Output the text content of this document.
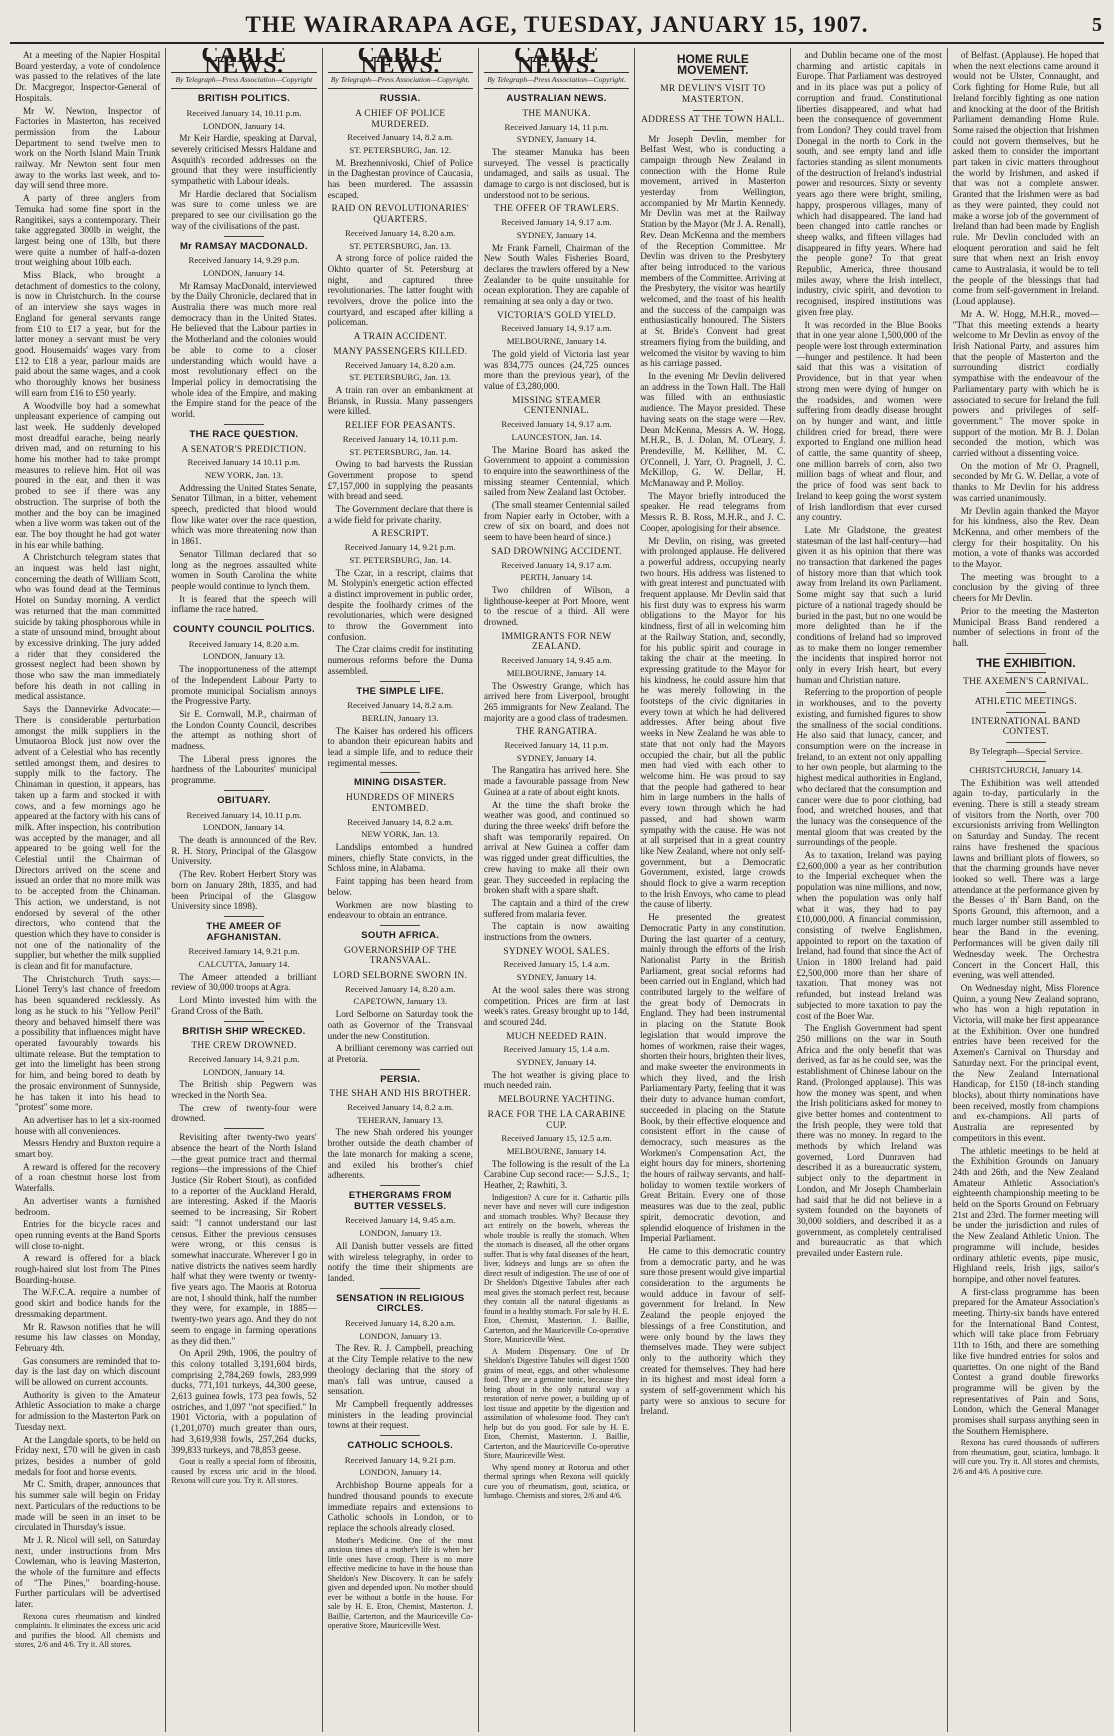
THE WAIRARAPA AGE, TUESDAY, JANUARY 15, 1907.	5

At a meeting of the Napier Hospital Board yesterday, a vote of condolence was passed to the relatives of the late Dr. Macgregor, Inspector-General of Hospitals.

Mr W. Newton, Inspector of Factories in Masterton, has received permission from the Labour Department to send twelve men to work on the North Island Main Trunk railway. Mr Newton sent four men away to the works last week, and to-day will send three more.

A party of three anglers from Temuka had some fine sport in the Rangitikei, says a contemporary. Their take aggregated 300lb in weight, the largest being one of 13lb, but there were quite a number of half-a-dozen trout weighing about 10lb each.

Miss Black, who brought a detachment of domestics to the colony, is now in Christchurch. In the course of an interview she says wages in England for general servants range from £10 to £17 a year, but for the latter money a servant must be very good. Housemaids' wages vary from £12 to £18 a year, parlour maids are paid about the same wages, and a cook who thoroughly knows her business will earn from £16 to £50 yearly.

A Woodville boy had a somewhat unpleasant experience of camping out last week. He suddenly developed most dreadful earache, being nearly driven mad, and on returning to his home his mother had to take prompt measures to relieve him. Hot oil was poured in the ear, and then it was probed to see if there was any obstruction. The surprise of both the mother and the boy can be imagined when a live worm was taken out of the ear. The boy thought he had got water in his ear while bathing.

A Christchurch telegram states that an inquest was held last night, concerning the death of William Scott, who was found dead at the Terminus Hotel on Sunday morning. A verdict was returned that the man committed suicide by taking phosphorous while in a state of unsound mind, brought about by excessive drinking. The jury added a rider that they considered the grossest neglect had been shown by those who saw the man immediately before his death in not calling in medical assistance.

Says the Dannevirke Advocate:— There is considerable perturbation amongst the milk suppliers in the Umutaoroa Block just now over the advent of a Celestial who has recently settled amongst them, and desires to supply milk to the factory. The Chinaman in question, it appears, has taken up a farm and stocked it with cows, and a few mornings ago he appeared at the factory with his cans of milk. After inspection, his contribution was accepted by the manager, and all appeared to be going well for the Celestial until the Chairman of Directors arrived on the scene and issued an order that no more milk was to be accepted from the Chinaman. This action, we understand, is not endorsed by several of the other directors, who contend that the question which they have to consider is not one of the nationality of the supplier, but whether the milk supplied is clean and fit for manufacture.

The Christchurch Truth says:— Lionel Terry's last chance of freedom has been squandered recklessly. As long as he stuck to his "Yellow Peril" theory and behaved himself there was a possibility that influences might have operated favourably towards his ultimate release. But the temptation to get into the limelight has been strong for him, and being bored to death by the prosaic environment of Sunnyside, he has taken it into his head to "protest" some more.

An advertiser has to let a six-roomed house with all conveniences.

Messrs Hendry and Buxton require a smart boy.

A reward is offered for the recovery of a roan chestnut horse lost from Waterfalls.

An advertiser wants a furnished bedroom.

Entries for the bicycle races and open running events at the Band Sports will close to-night.

A reward is offered for a black rough-haired slut lost from The Pines Boarding-house.

The W.F.C.A. require a number of good skirt and bodice hands for the dressmaking department.

Mr R. Rawson notifies that he will resume his law classes on Monday, February 4th.

Gas consumers are reminded that to-day is the last day on which discount will be allowed on current accounts.

Authority is given to the Amateur Athletic Association to make a charge for admission to the Masterton Park on Tuesday next.

At the Langdale sports, to be held on Friday next, £70 will be given in cash prizes, besides a number of gold medals for foot and horse events.

Mr C. Smith, draper, announces that his summer sale will begin on Friday next. Particulars of the reductions to be made will be seen in an inset to be circulated in Thursday's issue.

Mr J. R. Nicol will sell, on Saturday next, under instructions from Mrs Cowleman, who is leaving Masterton, the whole of the furniture and effects of "The Pines," boarding-house. Further particulars will be advertised later.

Rexona cures rheumatism and kindred complaints. It eliminates the excess uric acid and purifies the blood. All chemists and stores, 2/6 and 4/6. Try it. All stores.

CABLE NEWS.
By Telegraph—Press Association—Copyright
BRITISH POLITICS.
Received January 14, 10.11 p.m.
LONDON, January 14.

Mr Keir Hardie, speaking at Darval, severely criticised Messrs Haldane and Asquith's recorded addresses on the ground that they were insufficiently sympathetic with Labour ideals.

Mr Hardie declared that Socialism was sure to come unless we are prepared to see our civilisation go the way of the civilisations of the past.

Mr RAMSAY MACDONALD.
Received January 14, 9.29 p.m.
LONDON, January 14.

Mr Ramsay MacDonald, interviewed by the Daily Chronicle, declared that in Australia there was much more real democracy than in the United States. He believed that the Labour parties in the Motherland and the colonies would be able to come to a closer understanding which would have a most revolutionary effect on the Imperial policy in democratising the whole idea of the Empire, and making the Empire stand for the peace of the world.

THE RACE QUESTION.
A SENATOR'S PREDICTION.
Received January 14 10.11 p.m.
NEW YORK, Jan. 13.

Addressing the United States Senate, Senator Tillman, in a bitter, vehement speech, predicted that blood would flow like water over the race question, which was more threatening now than in 1861.

Senator Tillman declared that so long as the negroes assaulted white women in South Carolina the white people would continue to lynch them.

It is feared that the speech will inflame the race hatred.

COUNTY COUNCIL POLITICS.
Received January 14, 8.20 a.m.
LONDON, January 13.

The inopportuneness of the attempt of the Independent Labour Party to promote municipal Socialism annoys the Progressive Party.

Sir E. Cornwall, M.P., chairman of the London County Council, describes the attempt as nothing short of madness.

The Liberal press ignores the hardness of the Labourites' municipal programme.

OBITUARY.
Received January 14, 10.11 p.m.
LONDON, January 14.

The death is announced of the Rev. R. H. Story, Principal of the Glasgow University.

(The Rev. Robert Herbert Story was born on January 28th, 1835, and had been Principal of the Glasgow University since 1898).

THE AMEER OF AFGHANISTAN.
Received January 14, 9.21 p.m.
CALCUTTA, January 14.

The Ameer attended a brilliant review of 30,000 troops at Agra.

Lord Minto invested him with the Grand Cross of the Bath.

BRITISH SHIP WRECKED.
THE CREW DROWNED.
Received January 14, 9.21 p.m.
LONDON, January 14.

The British ship Pegwern was wrecked in the North Sea.

The crew of twenty-four were drowned.

Revisiting after twenty-two years' absence the heart of the North Island —the great pumice tract and thermal regions—the impressions of the Chief Justice (Sir Robert Stout), as confided to a reporter of the Auckland Herald, are interesting. Asked if the Maoris seemed to be increasing, Sir Robert said: "I cannot understand our last census. Either the previous censuses were wrong, or this census is somewhat inaccurate. Wherever I go in native districts the natives seem hardly half what they were twenty or twenty-five years ago. The Maoris at Rotorua are not, I should think, half the number they were, for example, in 1885—twenty-two years ago. And they do not seem to engage in farming operations as they did then."

On April 29th, 1906, the poultry of this colony totalled 3,191,604 birds, comprising 2,784,269 fowls, 283,999 ducks, 771,101 turkeys, 44,300 geese, 2,613 guinea fowls, 173 pea fowls, 52 ostriches, and 1,097 "not specified." In 1901 Victoria, with a population of (1,201,070) much greater than ours, had 3,619,938 fowls, 257,264 ducks, 399,833 turkeys, and 78,853 geese.

Gout is really a special form of fibrositis, caused by excess uric acid in the blood. Rexona will cure you. Try it. All stores.

CABLE NEWS.
By Telegraph—Press Association—Copyright.
RUSSIA.
A CHIEF OF POLICE MURDERED.
Received January 14, 8.2 a.m.
ST. PETERSBURG, Jan. 12.

M. Brezhennivoski, Chief of Police in the Daghestan province of Caucasia, has been murdered. The assassin escaped.

RAID ON REVOLUTIONARIES' QUARTERS.
Received January 14, 8.20 a.m.
ST. PETERSBURG, Jan. 13.

A strong force of police raided the Okhto quarter of St. Petersburg at night, and captured three revolutionaries. The latter fought with revolvers, drove the police into the courtyard, and escaped after killing a policeman.

A TRAIN ACCIDENT.
MANY PASSENGERS KILLED.
Received January 14, 8.20 a.m.
ST. PETERSBURG, Jan. 13.

A train ran over an embankment at Briansk, in Russia. Many passengers were killed.

RELIEF FOR PEASANTS.
Received January 14, 10.11 p.m.
ST. PETERSBURG, Jan. 14.

Owing to bad harvests the Russian Government propose to spend £7,157,000 in supplying the peasants with bread and seed.

The Government declare that there is a wide field for private charity.

A RESCRIPT.
Received January 14, 9.21 p.m.
ST. PETERSBURG, Jan. 14.

The Czar, in a rescript, claims that M. Stolypin's energetic action effected a distinct improvement in public order, despite the foolhardy crimes of the revolutionaries, which were designed to throw the Government into confusion.

The Czar claims credit for instituting numerous reforms before the Duma assembled.

THE SIMPLE LIFE.
Received January 14, 8.2 a.m.
BERLIN, January 13.

The Kaiser has ordered his officers to abandon their epicurean habits and lead a simple life, and to reduce their regimental messes.

MINING DISASTER.
HUNDREDS OF MINERS ENTOMBED.
Received January 14, 8.2 a.m.
NEW YORK, Jan. 13.

Landslips entombed a hundred miners, chiefly State convicts, in the Schloss mine, in Alabama.

Faint tapping has been heard from below.

Workmen are now blasting to endeavour to obtain an entrance.

SOUTH AFRICA.
GOVERNORSHIP OF THE TRANSVAAL.
LORD SELBORNE SWORN IN.
Received January 14, 8.20 a.m.
CAPETOWN, January 13.

Lord Selborne on Saturday took the oath as Governor of the Transvaal under the new Constitution.

A brilliant ceremony was carried out at Pretoria.

PERSIA.
THE SHAH AND HIS BROTHER.
Received January 14, 8.2 a.m.
TEHERAN, January 13.

The new Shah ordered his younger brother outside the death chamber of the late monarch for making a scene, and exiled his brother's chief adherents.

ETHERGRAMS FROM BUTTER VESSELS.
Received January 14, 9.45 a.m.
LONDON, January 13.

All Danish butter vessels are fitted with wireless telegraphy, in order to notify the time their shipments are landed.

SENSATION IN RELIGIOUS CIRCLES.
Received January 14, 8.20 a.m.
LONDON, January 13.

The Rev. R. J. Campbell, preaching at the City Temple relative to the new theology declaring that the story of man's fall was untrue, caused a sensation.

Mr Campbell frequently addresses ministers in the leading provincial towns at their request.

CATHOLIC SCHOOLS.
Received January 14, 9.21 p.m.
LONDON, January 14.

Archbishop Bourne appeals for a hundred thousand pounds to execute immediate repairs and extensions to Catholic schools in London, or to replace the schools already closed.

Mother's Medicine. One of the most anxious times of a mother's life is when her little ones have croup. There is no more effective medicine to have in the house than Sheldon's New Discovery. It can be safely given and depended upon. No mother should ever be without a bottle in the house. For sale by H. E. Eton, Chemist, Masterton. J. Baillie, Carterton, and the Mauriceville Co-operative Store, Mauriceville West.

CABLE NEWS.
By Telegraph—Press Association—Copyright.
AUSTRALIAN NEWS.
THE MANUKA.
Received January 14, 11 p.m.
SYDNEY, January 14.

The steamer Manuka has been surveyed. The vessel is practically undamaged, and sails as usual. The damage to cargo is not disclosed, but is understood not to be serious.

THE OFFER OF TRAWLERS.
Received January 14, 9.17 a.m.
SYDNEY, January 14.

Mr Frank Farnell, Chairman of the New South Wales Fisheries Board, declares the trawlers offered by a New Zealander to be quite unsuitable for ocean exploration. They are capable of remaining at sea only a day or two.

VICTORIA'S GOLD YIELD.
Received January 14, 9.17 a.m.
MELBOURNE, January 14.

The gold yield of Victoria last year was 834,775 ounces (24,725 ounces more than the previous year), of the value of £3,280,000.

MISSING STEAMER CENTENNIAL.
Received January 14, 9.17 a.m.
LAUNCESTON, Jan. 14.

The Marine Board has asked the Government to appoint a commission to enquire into the seaworthiness of the missing steamer Centennial, which sailed from New Zealand last October.

(The small steamer Centennial sailed from Napier early in October, with a crew of six on board, and does not seem to have been heard of since.)

SAD DROWNING ACCIDENT.
Received January 14, 9.17 a.m.
PERTH, January 14.

Two children of Wilson, a lighthouse-keeper at Port Moore, went to the rescue of a third. All were drowned.

IMMIGRANTS FOR NEW ZEALAND.
Received January 14, 9.45 a.m.
MELBOURNE, January 14.

The Oswestry Grange, which has arrived here from Liverpool, brought 265 immigrants for New Zealand. The majority are a good class of tradesmen.

THE RANGATIRA.
Received January 14, 11 p.m.
SYDNEY, January 14.

The Rangatira has arrived here. She made a favourable passage from New Guinea at a rate of about eight knots.

At the time the shaft broke the weather was good, and continued so during the three weeks' drift before the shaft was temporarily repaired. On arrival at New Guinea a coffer dam was rigged under great difficulties, the crew having to make all their own gear. They succeeded in replacing the broken shaft with a spare shaft.

The captain and a third of the crew suffered from malaria fever.

The captain is now awaiting instructions from the owners.

SYDNEY WOOL SALES.
Received January 15, 1.4 a.m.
SYDNEY, January 14.

At the wool sales there was strong competition. Prices are firm at last week's rates. Greasy brought up to 14d, and scoured 24d.

MUCH NEEDED RAIN.
Received January 15, 1.4 a.m.
SYDNEY, January 14.

The hot weather is giving place to much needed rain.

MELBOURNE YACHTING.
RACE FOR THE LA CARABINE CUP.
Received January 15, 12.5 a.m.
MELBOURNE, January 14.

The following is the result of the La Carabine Cup second race:— S.J.S., 1; Heather, 2; Rawhiti, 3.

Indigestion? A cure for it. Cathartic pills never have and never will cure indigestion and stomach troubles. Why? Because they act entirely on the bowels, whereas the whole trouble is really the stomach. When the stomach is diseased, all the other organs suffer. That is why fatal diseases of the heart, liver, kidneys and lungs are so often the direct result of indigestion. The use of one of Dr Sheldon's Digestive Tabules after each meal gives the stomach perfect rest, because they contain all the natural digestants as found in a healthy stomach. For sale by H. E. Eton, Chemist, Masterton. J. Baillie, Carterton, and the Mauriceville Co-operative Store, Mauriceville West.

A Modern Dispensary. One of Dr Sheldon's Digestive Tabules will digest 1500 grains of meat, eggs, and other wholesome food. They are a genuine tonic, because they bring about in the only natural way a restoration of nerve power, a building up of lost tissue and appetite by the digestion and assimilation of wholesome food. They can't help but do you good. For sale by H. E. Eton, Chemist, Masterton. J. Baillie, Carterton, and the Mauriceville Co-operative Store, Mauriceville West.

Why spend money at Rotorua and other thermal springs when Rexona will quickly cure you of rheumatism, gout, sciatica, or lumbago. Chemists and stores, 2/6 and 4/6.

HOME RULE MOVEMENT.
MR DEVLIN'S VISIT TO MASTERTON.
ADDRESS AT THE TOWN HALL.

Mr Joseph Devlin, member for Belfast West, who is conducting a campaign through New Zealand in connection with the Home Rule movement, arrived in Masterton yesterday from Wellington, accompanied by Mr Martin Kennedy. Mr Devlin was met at the Railway Station by the Mayor (Mr J. A. Renall), Rev. Dean McKenna and the members of the Reception Committee. Mr Devlin was driven to the Presbytery after being introduced to the various members of the Committee. Arriving at the Presbytery, the visitor was heartily welcomed, and the toast of his health and the success of the campaign was enthusiastically honoured. The Sisters at St. Bride's Convent had great streamers flying from the building, and welcomed the visitor by waving to him as his carriage passed.

In the evening Mr Devlin delivered an address in the Town Hall. The Hall was filled with an enthusiastic audience. The Mayor presided. These having seats on the stage were —Rev. Dean McKenna, Messrs A. W. Hogg, M.H.R., B. J. Dolan, M. O'Leary, J. Prendeville, M. Kelliher, M. C. O'Connell, J. Yarr, O. Pragnell, J. C. McKillop, G. W. Dellar, H. McManaway and P. Molloy.

The Mayor briefly introduced the speaker. He read telegrams from Messrs R. B. Ross, M.H.R., and J. C. Cooper, apologising for their absence.

Mr Devlin, on rising, was greeted with prolonged applause. He delivered a powerful address, occupying nearly two hours. His address was listened to with great interest and punctuated with frequent applause. Mr Devlin said that his first duty was to express his warm obligations to the Mayor for his kindness, first of all in welcoming him at the Railway Station, and, secondly, for his public spirit and courage in taking the chair at the meeting. In expressing gratitude to the Mayor for his kindness, he could assure him that he was merely following in the footsteps of the civic dignitaries in every town at which he had delivered addresses. After being about five weeks in New Zealand he was able to state that not only had the Mayors occupied the chair, but all the public men had vied with each other to welcome him. He was proud to say that the people had gathered to hear him in large numbers in the halls of every town through which he had passed, and had shown warm sympathy with the cause. He was not at all surprised that in a great country like New Zealand, where not only self-government, but a Democratic Government, existed, large crowds should flock to give a warm reception to the Irish Envoys, who came to plead the cause of liberty.

He presented the greatest Democratic Party in any constitution. During the last quarter of a century, mainly through the efforts of the Irish Nationalist Party in the British Parliament, great social reforms had been carried out in England, which had contributed largely to the welfare of the great body of Democrats in England. They had been instrumental in placing on the Statute Book legislation that would improve the homes of workmen, raise their wages, shorten their hours, brighten their lives, and make sweeter the environments in which they lived, and the Irish Parliamentary Party, feeling that it was their duty to advance human comfort, succeeded in placing on the Statute Book, by their effective eloquence and consistent effort in the cause of democracy, such measures as the Workmen's Compensation Act, the eight hours day for miners, shortening the hours of railway servants, and half-holiday to women textile workers of Great Britain. Every one of those measures was due to the zeal, public spirit, democratic devotion, and splendid eloquence of Irishmen in the Imperial Parliament.

He came to this democratic country from a democratic party, and he was sure those present would give impartial consideration to the arguments he would adduce in favour of self-government for Ireland. In New Zealand the people enjoyed the blessings of a free Constitution, and were only bound by the laws they themselves made. They were subject only to the authority which they created for themselves. They had here in its highest and most ideal form a system of self-government which his party were so anxious to secure for Ireland.

and Dublin became one of the most charming and artistic capitals in Europe. That Parliament was destroyed and in its place was put a policy of corruption and fraud. Constitutional liberties disappeared, and what had been the consequence of government from London? They could travel from Donegal in the north to Cork in the south, and see empty land and idle factories standing as silent monuments of the destruction of Ireland's industrial power and resources. Sixty or seventy years ago there were bright, smiling, happy, prosperous villages, many of which had disappeared. The land had been changed into cattle ranches or sheep walks, and fifteen villages had disappeared in fifty years. Where had the people gone? To that great Republic, America, three thousand miles away, where the Irish intellect, industry, civic spirit, and devotion to recognised, inspired institutions was given free play.

It was recorded in the Blue Books that in one year alone 1,500,000 of the people were lost through extermination—hunger and pestilence. It had been said that this was a visitation of Providence, but in that year when strong men were dying of hunger on the roadsides, and women were suffering from deadly disease brought on by hunger and want, and little children cried for bread, there were exported to England one million head of cattle, the same quantity of sheep, one million barrels of corn, also two million bags of wheat and flour, and the price of food was sent back to Ireland to keep going the worst system of Irish landlordism that ever cursed any country.

Late Mr Gladstone, the greatest statesman of the last half-century—had given it as his opinion that there was no transaction that darkened the pages of history more than that which took away from Ireland its own Parliament. Some might say that such a lurid picture of a national tragedy should be buried in the past, but no one would be more delighted than he if the conditions of Ireland had so improved as to make them no longer remember the incidents that inspired horror not only in every Irish heart, but every human and Christian nature.

Referring to the proportion of people in workhouses, and to the poverty existing, and furnished figures to show the smallness of the social conditions. He also said that lunacy, cancer, and consumption were on the increase in Ireland, to an extent not only appalling to her own people, but alarming to the highest medical authorities in England, who declared that the consumption and cancer were due to poor clothing, bad food, and wretched houses, and that the lunacy was the consequence of the mental gloom that was created by the surroundings of the people.

As to taxation, Ireland was paying £2,600,000 a year as her contribution to the Imperial exchequer when the population was nine millions, and now, when the population was only half what it was, they had to pay £10,000,000. A financial commission, consisting of twelve Englishmen, appointed to report on the taxation of Ireland, had found that since the Act of Union in 1800 Ireland had paid £2,500,000 more than her share of taxation. That money was not refunded, but instead Ireland was subjected to more taxation to pay the cost of the Boer War.

The English Government had spent 250 millions on the war in South Africa and the only benefit that was derived, as far as he could see, was the establishment of Chinese labour on the Rand. (Prolonged applause). This was how the money was spent, and when the Irish politicians asked for money to give better homes and contentment to the Irish people, they were told that there was no money. In regard to the methods by which Ireland was governed, Lord Dunraven had described it as a bureaucratic system, subject only to the department in London, and Mr Joseph Chamberlain had said that he did not believe in a system founded on the bayonets of 30,000 soldiers, and described it as a government, as completely centralised and bureaucratic as that which prevailed under Eastern rule.

of Belfast. (Applause). He hoped that when the next elections came around it would not be Ulster, Connaught, and Cork fighting for Home Rule, but all Ireland forcibly fighting as one nation and knocking at the door of the British Parliament demanding Home Rule. Some raised the objection that Irishmen could not govern themselves, but he asked them to consider the important part taken in civic matters throughout the world by Irishmen, and asked if that was not a complete answer. Granted that the Irishmen were as bad as they were painted, they could not make a worse job of the government of Ireland than had been made by English rule. Mr Devlin concluded with an eloquent peroration and said he felt sure that when next an Irish envoy came to Australasia, it would be to tell the people of the blessings that had come from self-government in Ireland. (Loud applause).

Mr A. W. Hogg, M.H.R., moved— "That this meeting extends a hearty welcome to Mr Devlin as envoy of the Irish National Party, and assures him that the people of Masterton and the surrounding district cordially sympathise with the endeavour of the Parliamentary party with which he is associated to secure for Ireland the full powers and privileges of self-government." The mover spoke in support of the motion. Mr B. J. Dolan seconded the motion, which was carried without a dissenting voice.

On the motion of Mr O. Pragnell, seconded by Mr G. W. Dellar, a vote of thanks to Mr Devlin for his address was carried unanimously.

Mr Devlin again thanked the Mayor for his kindness, also the Rev. Dean McKenna, and other members of the clergy for their hospitality. On his motion, a vote of thanks was accorded to the Mayor.

The meeting was brought to a conclusion by the giving of three cheers for Mr Devlin.

Prior to the meeting the Masterton Municipal Brass Band rendered a number of selections in front of the hall.

THE EXHIBITION.
THE AXEMEN'S CARNIVAL.
ATHLETIC MEETINGS.
INTERNATIONAL BAND CONTEST.
By Telegraph—Special Service.
CHRISTCHURCH, January 14.

The Exhibition was well attended again to-day, particularly in the evening. There is still a steady stream of visitors from the North, over 700 excursionists arriving from Wellington on Saturday and Sunday. The recent rains have freshened the spacious lawns and brilliant plots of flowers, so that the charming grounds have never looked so well. There was a large attendance at the performance given by the Besses o' th' Barn Band, on the Sports Ground, this afternoon, and a much larger number still assembled to hear the Band in the evening. Performances will be given daily till Wednesday week. The Orchestra Concert in the Concert Hall, this evening, was well attended.

On Wednesday night, Miss Florence Quinn, a young New Zealand soprano, who has won a high reputation in Victoria, will make her first appearance at the Exhibition. Over one hundred entries have been received for the Axemen's Carnival on Thursday and Saturday next. For the principal event, the New Zealand International Handicap, for £150 (18-inch standing blocks), about thirty nominations have been received, mostly from champions and ex-champions. All parts of Australia are represented by competitors in this event.

The athletic meetings to be held at the Exhibition Grounds on January 24th and 26th, and the New Zealand Amateur Athletic Association's eighteenth championship meeting to be held on the Sports Ground on February 21st and 23rd. The former meeting will be under the jurisdiction and rules of the New Zealand Athletic Union. The programme will include, besides ordinary athletic events, pipe music, Highland reels, Irish jigs, sailor's hornpipe, and other novel features.

A first-class programme has been prepared for the Amateur Association's meeting. Thirty-six bands have entered for the International Band Contest, which will take place from February 11th to 16th, and there are something like five hundred entries for solos and quartettes. On one night of the Band Contest a grand double fireworks programme will be given by the representatives of Pain and Sons, London, which the General Manager promises shall surpass anything seen in the Southern Hemisphere.

Rexona has cured thousands of sufferers from rheumatism, gout, sciatica, lumbago. It will cure you. Try it. All stores and chemists, 2/6 and 4/6. A positive cure.
